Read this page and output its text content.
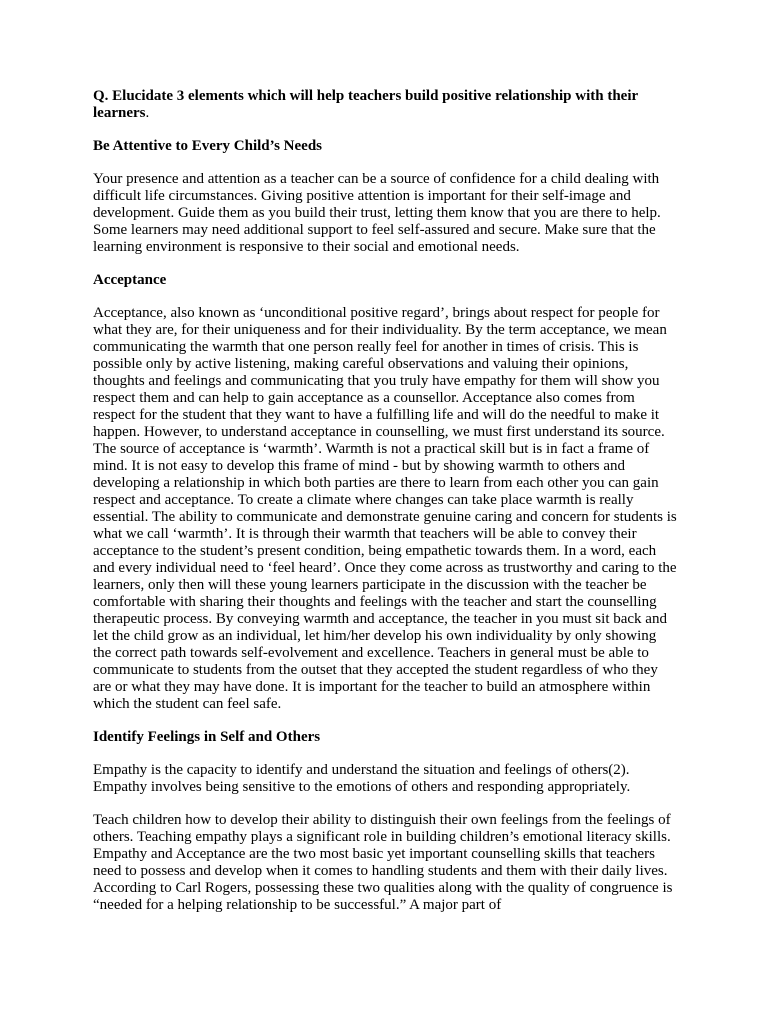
Q. Elucidate 3 elements which will help teachers build positive relationship with their learners.
Be Attentive to Every Child’s Needs

Your presence and attention as a teacher can be a source of confidence for a child dealing with difficult life circumstances. Giving positive attention is important for their self-image and development. Guide them as you build their trust, letting them know that you are there to help. Some learners may need additional support to feel self-assured and secure. Make sure that the learning environment is responsive to their social and emotional needs.

Acceptance

Acceptance, also known as ‘unconditional positive regard’, brings about respect for people for what they are, for their uniqueness and for their individuality. By the term acceptance, we mean communicating the warmth that one person really feel for another in times of crisis. This is possible only by active listening, making careful observations and valuing their opinions, thoughts and feelings and communicating that you truly have empathy for them will show you respect them and can help to gain acceptance as a counsellor. Acceptance also comes from respect for the student that they want to have a fulfilling life and will do the needful to make it happen. However, to understand acceptance in counselling, we must first understand its source. The source of acceptance is ‘warmth’. Warmth is not a practical skill but is in fact a frame of mind. It is not easy to develop this frame of mind - but by showing warmth to others and developing a relationship in which both parties are there to learn from each other you can gain respect and acceptance. To create a climate where changes can take place warmth is really essential. The ability to communicate and demonstrate genuine caring and concern for students is what we call ‘warmth’. It is through their warmth that teachers will be able to convey their acceptance to the student’s present condition, being empathetic towards them. In a word, each and every individual need to ‘feel heard’. Once they come across as trustworthy and caring to the learners, only then will these young learners participate in the discussion with the teacher be comfortable with sharing their thoughts and feelings with the teacher and start the counselling therapeutic process. By conveying warmth and acceptance, the teacher in you must sit back and let the child grow as an individual, let him/her develop his own individuality by only showing the correct path towards self-evolvement and excellence. Teachers in general must be able to communicate to students from the outset that they accepted the student regardless of who they are or what they may have done. It is important for the teacher to build an atmosphere within which the student can feel safe.

Identify Feelings in Self and Others

Empathy is the capacity to identify and understand the situation and feelings of others(2). Empathy involves being sensitive to the emotions of others and responding appropriately.

Teach children how to develop their ability to distinguish their own feelings from the feelings of others. Teaching empathy plays a significant role in building children’s emotional literacy skills. Empathy and Acceptance are the two most basic yet important counselling skills that teachers need to possess and develop when it comes to handling students and them with their daily lives. According to Carl Rogers, possessing these two qualities along with the quality of congruence is “needed for a helping relationship to be successful.” A major part of
